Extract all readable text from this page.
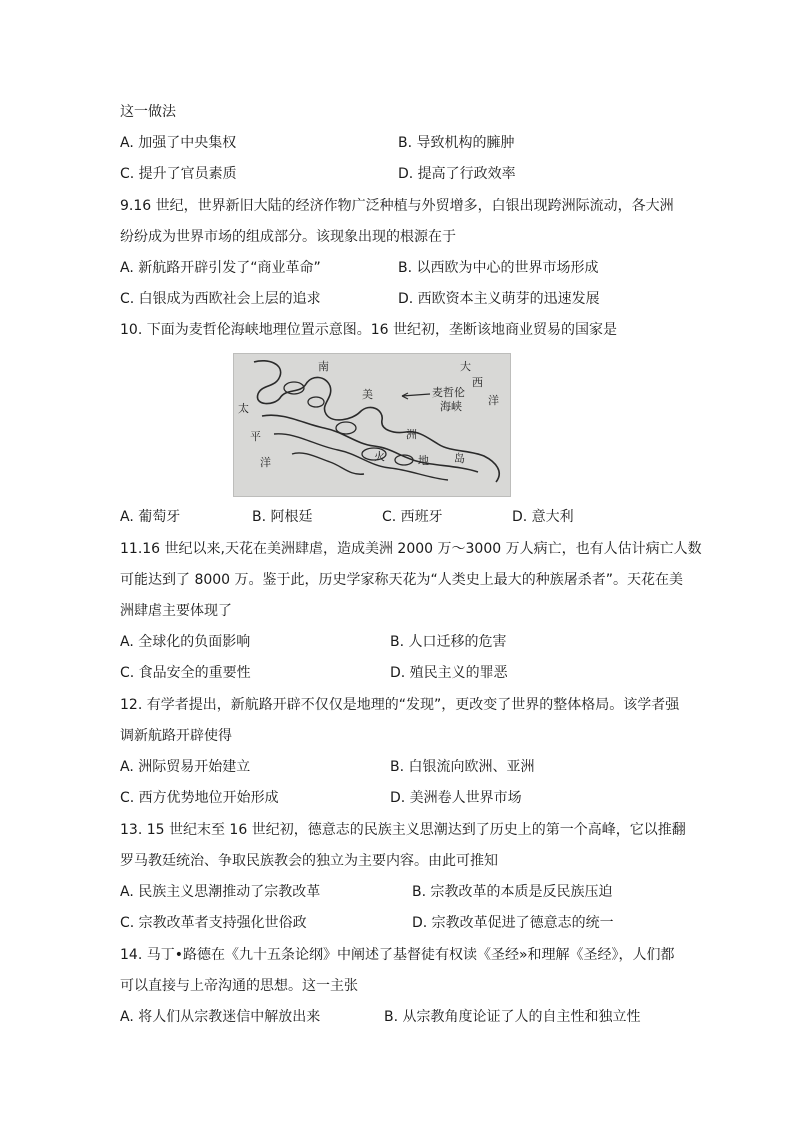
这一做法
A. 加强了中央集权	B. 导致机构的臃肿
C. 提升了官员素质	D. 提高了行政效率
9.16 世纪，世界新旧大陆的经济作物广泛种植与外贸增多，白银出现跨洲际流动，各大洲
纷纷成为世界市场的组成部分。该现象出现的根源在于
A. 新航路开辟引发了“商业革命”	B. 以西欧为中心的世界市场形成
C. 白银成为西欧社会上层的追求	D. 西欧资本主义萌芽的迅速发展
10. 下面为麦哲伦海峡地理位置示意图。16 世纪初，垄断该地商业贸易的国家是
南
美
洲
大
西
洋
太
平
洋
麦哲伦
海峡
火	地 岛
A. 葡萄牙	B. 阿根廷	C. 西班牙	D. 意大利
11.16 世纪以来,天花在美洲肆虐，造成美洲 2000 万～3000 万人病亡，也有人估计病亡人数
可能达到了 8000 万。鉴于此，历史学家称天花为“人类史上最大的种族屠杀者”。天花在美
洲肆虐主要体现了
A. 全球化的负面影响	B. 人口迁移的危害
C. 食品安全的重要性	D. 殖民主义的罪恶
12. 有学者提出，新航路开辟不仅仅是地理的“发现”，更改变了世界的整体格局。该学者强
调新航路开辟使得
A. 洲际贸易开始建立	B. 白银流向欧洲、亚洲
C. 西方优势地位开始形成	D. 美洲卷人世界市场
13. 15 世纪末至 16 世纪初，德意志的民族主义思潮达到了历史上的第一个高峰，它以推翻
罗马教廷统治、争取民族教会的独立为主要内容。由此可推知
A. 民族主义思潮推动了宗教改革	B. 宗教改革的本质是反民族压迫
C. 宗教改革者支持强化世俗政	D. 宗教改革促进了德意志的统一
14. 马丁•路德在《九十五条论纲》中阐述了基督徒有权读《圣经»和理解《圣经》，人们都
可以直接与上帝沟通的思想。这一主张
A. 将人们从宗教迷信中解放出来	B. 从宗教角度论证了人的自主性和独立性
